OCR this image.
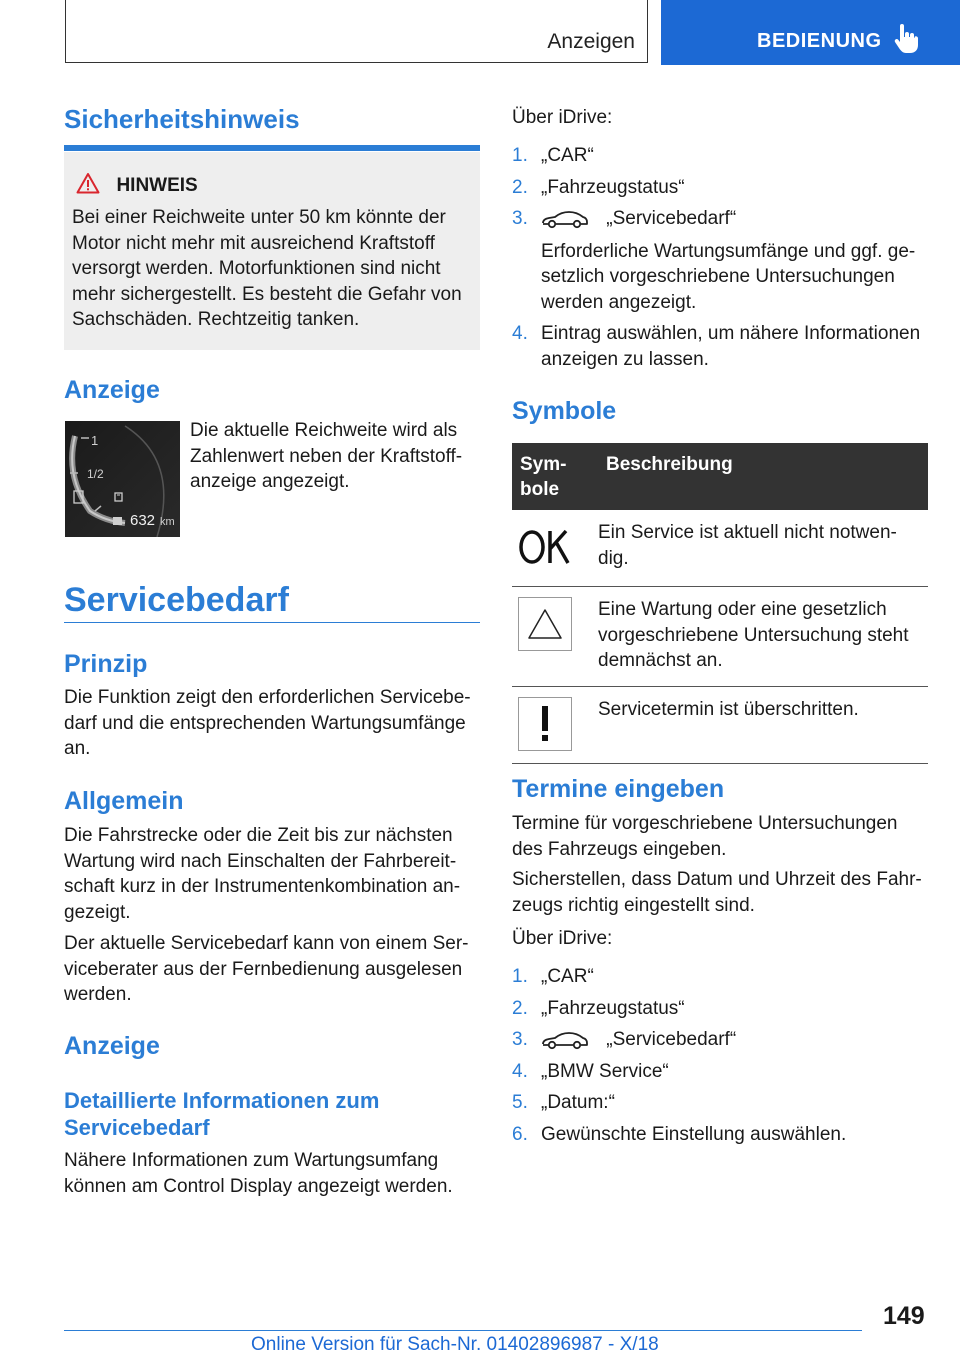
Anzeigen	BEDIENUNG
Sicherheitshinweis
HINWEIS
Bei einer Reichweite unter 50 km könnte der
Motor nicht mehr mit ausreichend Kraftstoff
versorgt werden. Motorfunktionen sind nicht
mehr sichergestellt. Es besteht die Gefahr von
Sachschäden. Rechtzeitig tanken.
Anzeige
1
1/2
632 km
Die aktuelle Reichweite wird als
Zahlenwert neben der Kraftstoff-
anzeige angezeigt.
Servicebedarf
Prinzip
Die Funktion zeigt den erforderlichen Servicebe-
darf und die entsprechenden Wartungsumfänge
an.
Allgemein
Die Fahrstrecke oder die Zeit bis zur nächsten
Wartung wird nach Einschalten der Fahrbereit-
schaft kurz in der Instrumentenkombination an-
gezeigt.
Der aktuelle Servicebedarf kann von einem Ser-
viceberater aus der Fernbedienung ausgelesen
werden.
Anzeige
Detaillierte Informationen zum
Servicebedarf
Nähere Informationen zum Wartungsumfang
können am Control Display angezeigt werden.
Über iDrive:
1. „CAR“
2. „Fahrzeugstatus“
3.	„Servicebedarf“
Erforderliche Wartungsumfänge und ggf. ge-
setzlich vorgeschriebene Untersuchungen
werden angezeigt.
4. Eintrag auswählen, um nähere Informationen
anzeigen zu lassen.
Symbole
Sym-
bole	Beschreibung

Ein Service ist aktuell nicht notwen-
dig.

Eine Wartung oder eine gesetzlich
vorgeschriebene Untersuchung steht
demnächst an.

Servicetermin ist überschritten.
Termine eingeben
Termine für vorgeschriebene Untersuchungen
des Fahrzeugs eingeben.
Sicherstellen, dass Datum und Uhrzeit des Fahr-
zeugs richtig eingestellt sind.
Über iDrive:
1. „CAR“
2. „Fahrzeugstatus“
3.	„Servicebedarf“
4. „BMW Service“
5. „Datum:“
6. Gewünschte Einstellung auswählen.
149
Online Version für Sach-Nr. 01402896987 - X/18
